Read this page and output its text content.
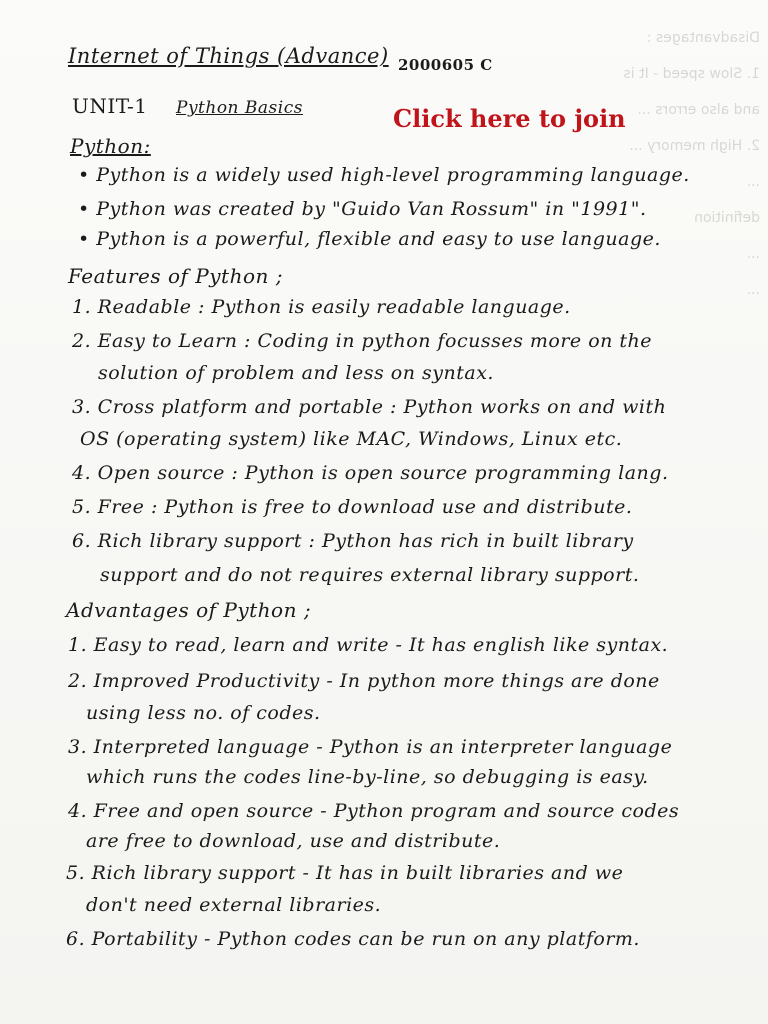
Disadvantages :
1. Slow speed - It is
and also errors ...
2. High memory ...
...
definition
...
...
Internet of Things (Advance) 2000605 C
UNIT-1 Python Basics	Click here to join
Python:
• Python is a widely used high-level programming language.
• Python was created by "Guido Van Rossum" in "1991".
• Python is a powerful, flexible and easy to use language.
Features of Python ;
1. Readable : Python is easily readable language.
2. Easy to Learn : Coding in python focusses more on the
solution of problem and less on syntax.
3. Cross platform and portable : Python works on and with
OS (operating system) like MAC, Windows, Linux etc.
4. Open source : Python is open source programming lang.
5. Free : Python is free to download use and distribute.
6. Rich library support : Python has rich in built library
support and do not requires external library support.
Advantages of Python ;
1. Easy to read, learn and write - It has english like syntax.
2. Improved Productivity - In python more things are done
using less no. of codes.
3. Interpreted language - Python is an interpreter language
which runs the codes line-by-line, so debugging is easy.
4. Free and open source - Python program and source codes
are free to download, use and distribute.
5. Rich library support - It has in built libraries and we
don't need external libraries.
6. Portability - Python codes can be run on any platform.
